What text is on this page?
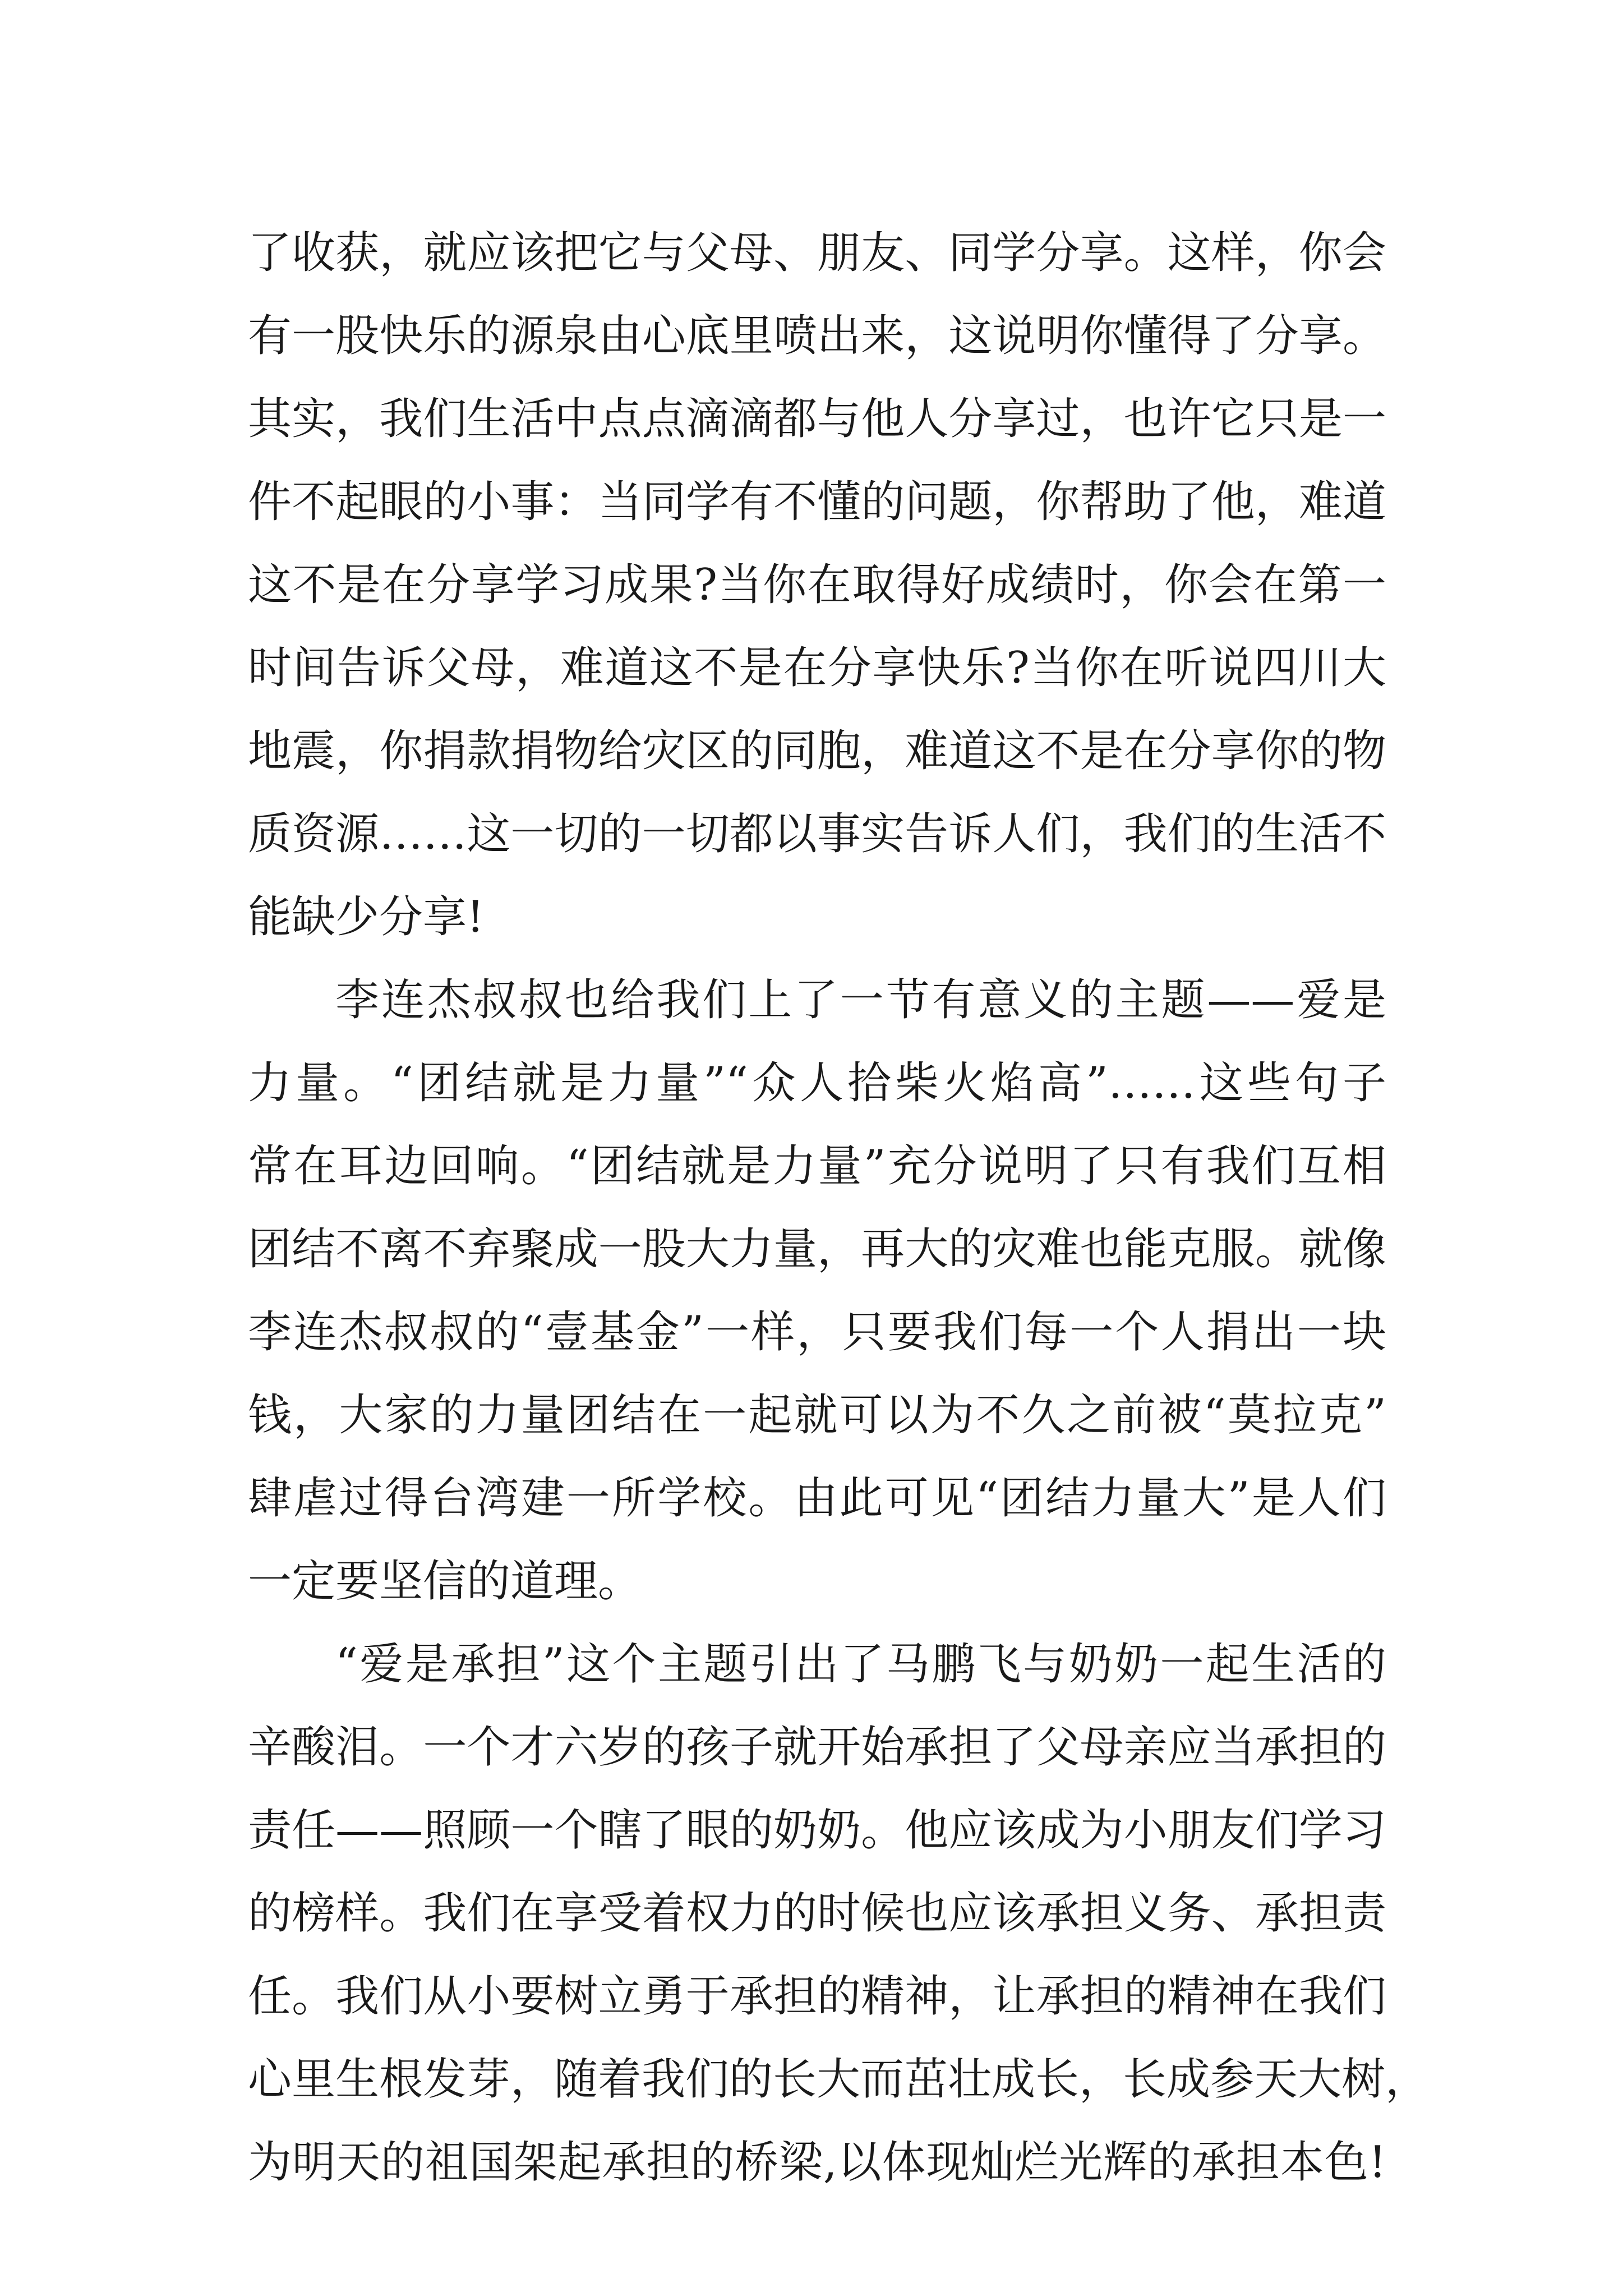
了收获，就应该把它与父母、朋友、同学分享。这样，你会
有一股快乐的源泉由心底里喷出来，这说明你懂得了分享。
其实，我们生活中点点滴滴都与他人分享过，也许它只是一
件不起眼的小事：当同学有不懂的问题，你帮助了他，难道
这不是在分享学习成果?当你在取得好成绩时，你会在第一
时间告诉父母，难道这不是在分享快乐?当你在听说四川大
地震，你捐款捐物给灾区的同胞，难道这不是在分享你的物
质资源……这一切的一切都以事实告诉人们，我们的生活不
能缺少分享!
李连杰叔叔也给我们上了一节有意义的主题——爱是
力量。“团结就是力量”“众人拾柴火焰高”……这些句子
常在耳边回响。“团结就是力量”充分说明了只有我们互相
团结不离不弃聚成一股大力量，再大的灾难也能克服。就像
李连杰叔叔的“壹基金”一样，只要我们每一个人捐出一块
钱，大家的力量团结在一起就可以为不久之前被“莫拉克”
肆虐过得台湾建一所学校。由此可见“团结力量大”是人们
一定要坚信的道理。
“爱是承担”这个主题引出了马鹏飞与奶奶一起生活的
辛酸泪。一个才六岁的孩子就开始承担了父母亲应当承担的
责任——照顾一个瞎了眼的奶奶。他应该成为小朋友们学习
的榜样。我们在享受着权力的时候也应该承担义务、承担责
任。我们从小要树立勇于承担的精神，让承担的精神在我们
心里生根发芽，随着我们的长大而茁壮成长，长成参天大树，
为明天的祖国架起承担的桥梁,以体现灿烂光辉的承担本色!
